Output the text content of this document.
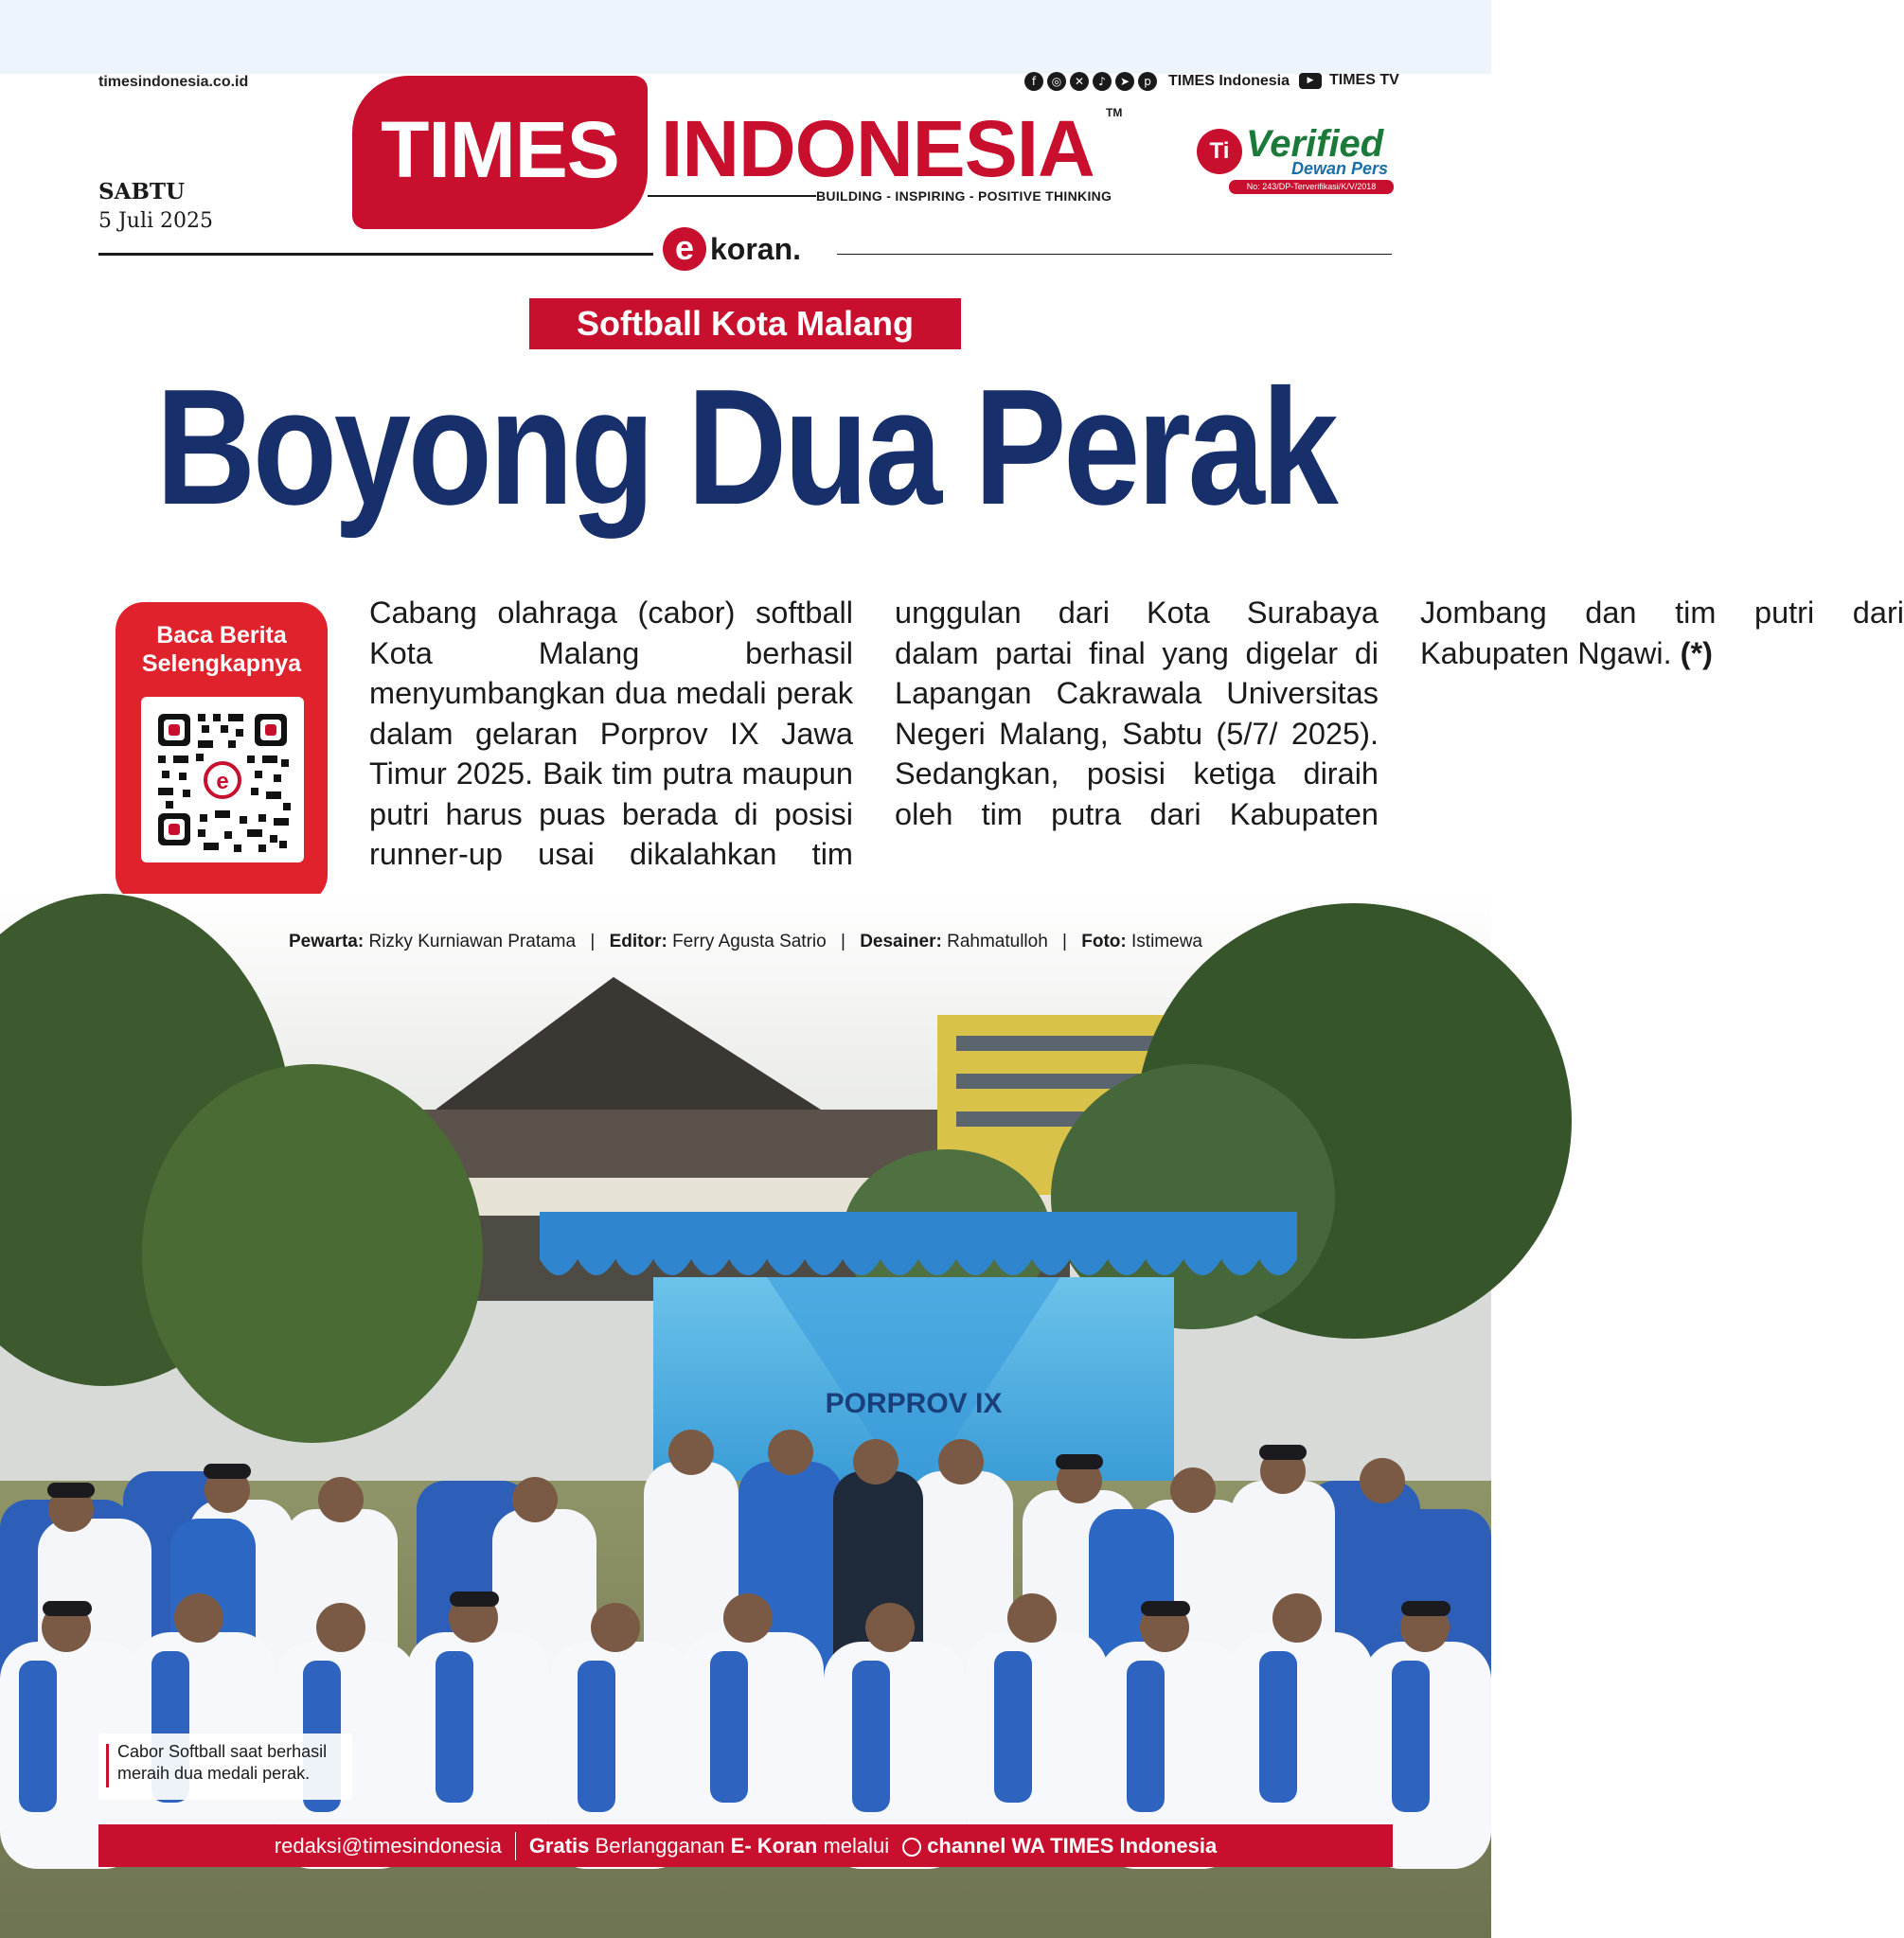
timesindonesia.co.id	f	◎	✕	♪	➤	p	TIMES Indonesia	▶	TIMES TV
SABTU
5 Juli 2025
TIMES INDONESIA TM
BUILDING - INSPIRING - POSITIVE THINKING
Ti Verified
Dewan Pers
No: 243/DP-Terverifikasi/K/V/2018
e koran.
Softball Kota Malang
Boyong Dua Perak
Baca Berita Selengkapnya
e
Cabang olahraga (cabor) softball Kota Malang berhasil menyumbangkan dua medali perak dalam gelaran Porprov IX Jawa Timur 2025. Baik tim putra maupun putri harus puas berada di posisi runner-up usai dikalahkan tim unggulan dari Kota Surabaya dalam partai final yang digelar di Lapangan Cakrawala Universitas Negeri Malang, Sabtu (5/7/ 2025). Sedangkan, posisi ketiga diraih oleh tim putra dari Kabupaten Jombang dan tim putri dari Kabupaten Ngawi. (*)
PORPROV IX
Pewarta: Rizky Kurniawan Pratama | Editor: Ferry Agusta Satrio | Desainer: Rahmatulloh | Foto: Istimewa
Cabor Softball saat berhasil meraih dua medali perak.
redaksi@timesindonesia Gratis Berlangganan E- Koran melalui	channel WA TIMES Indonesia
